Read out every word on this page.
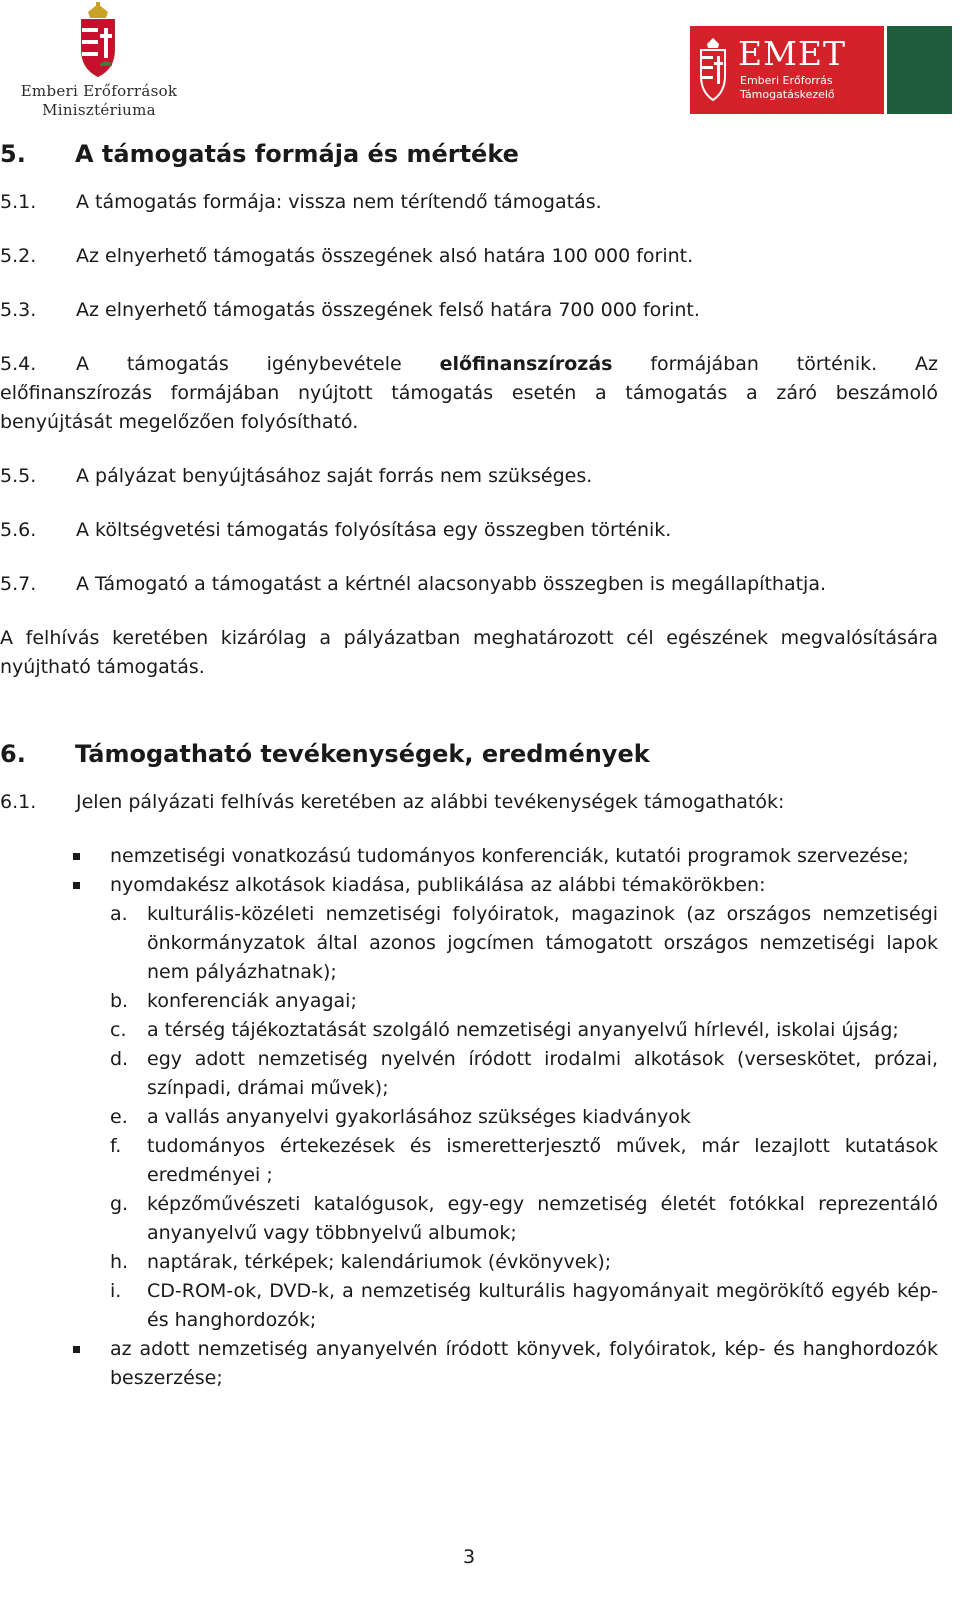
Emberi Erőforrások
Minisztériuma
EMET
Emberi Erőforrás
Támogatáskezelő
5.	A támogatás formája és mértéke
5.1.	A támogatás formája: vissza nem térítendő támogatás.
5.2.	Az elnyerhető támogatás összegének alsó határa 100 000 forint.
5.3.	Az elnyerhető támogatás összegének felső határa 700 000 forint.
5.4.	A támogatás igénybevétele előfinanszírozás formájában történik. Az
előfinanszírozás formájában nyújtott támogatás esetén a támogatás a záró beszámoló benyújtását megelőzően folyósítható.
5.5.	A pályázat benyújtásához saját forrás nem szükséges.
5.6.	A költségvetési támogatás folyósítása egy összegben történik.
5.7.	A Támogató a támogatást a kértnél alacsonyabb összegben is megállapíthatja.
A felhívás keretében kizárólag a pályázatban meghatározott cél egészének megvalósítására nyújtható támogatás.
6.	Támogatható tevékenységek, eredmények
6.1.	Jelen pályázati felhívás keretében az alábbi tevékenységek támogathatók:
nemzetiségi vonatkozású tudományos konferenciák, kutatói programok szervezése;
nyomdakész alkotások kiadása, publikálása az alábbi témakörökben:
a.	kulturális-közéleti nemzetiségi folyóiratok, magazinok (az országos nemzetiségi önkormányzatok által azonos jogcímen támogatott országos nemzetiségi lapok nem pályázhatnak);
b. konferenciák anyagai;
c.	a térség tájékoztatását szolgáló nemzetiségi anyanyelvű hírlevél, iskolai újság;
d. egy adott nemzetiség nyelvén íródott irodalmi alkotások (verseskötet, prózai, színpadi, drámai művek);
e.	a vallás anyanyelvi gyakorlásához szükséges kiadványok
f.	tudományos értekezések és ismeretterjesztő művek, már lezajlott kutatások eredményei ;
g. képzőművészeti katalógusok, egy-egy nemzetiség életét fotókkal reprezentáló anyanyelvű vagy többnyelvű albumok;
h. naptárak, térképek; kalendáriumok (évkönyvek);
i.	CD-ROM-ok, DVD-k, a nemzetiség kulturális hagyományait megörökítő egyéb kép- és hanghordozók;
az adott nemzetiség anyanyelvén íródott könyvek, folyóiratok, kép- és hanghordozók beszerzése;
3
